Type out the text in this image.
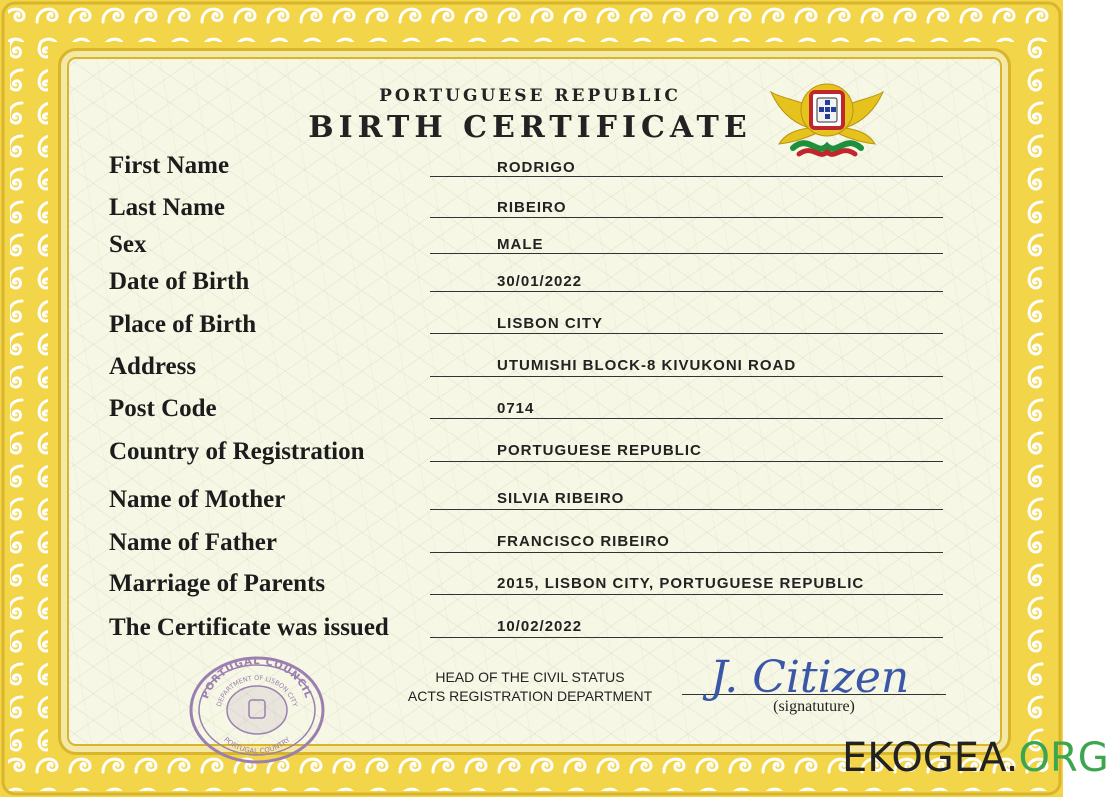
PORTUGUESE REPUBLIC
BIRTH CERTIFICATE
First Name
Last Name
Sex
Date of Birth
Place of Birth
Address
Post Code
Country of Registration
Name of Mother
Name of Father
Marriage of Parents
The Certificate was issued
RODRIGO
RIBEIRO
MALE
30/01/2022
LISBON CITY
UTUMISHI BLOCK-8 KIVUKONI ROAD
0714
PORTUGUESE REPUBLIC
SILVIA RIBEIRO
FRANCISCO RIBEIRO
2015, LISBON CITY, PORTUGUESE REPUBLIC
10/02/2022
PORTUGAL COUNCIL
DEPARTMENT OF LISBON CITY
PORTUGAL COUNTRY
HEAD OF THE CIVIL STATUS
ACTS REGISTRATION DEPARTMENT J. Citizen
(signatuture)
EKOGEA.ORG
